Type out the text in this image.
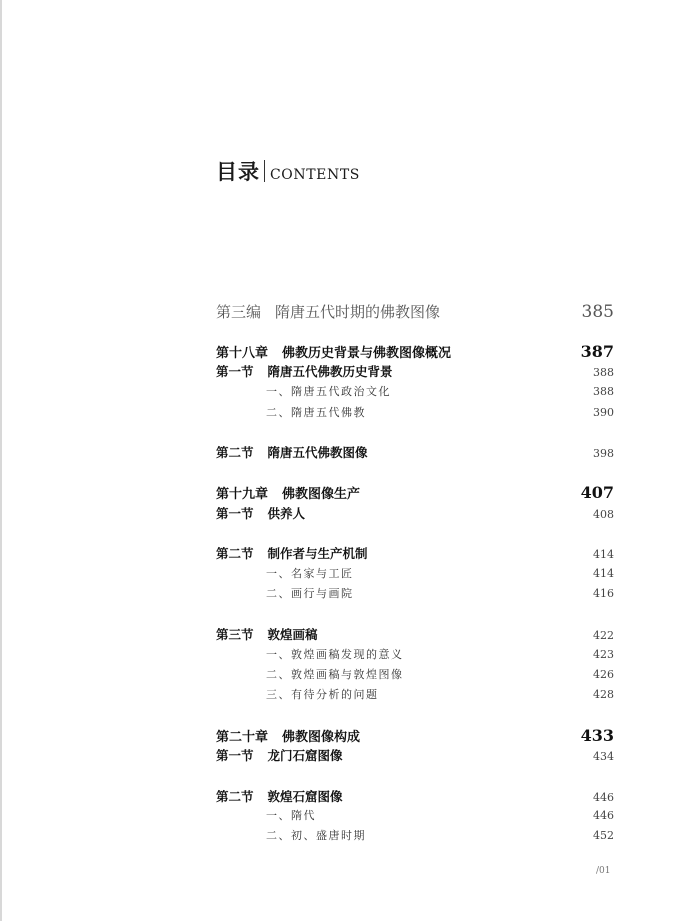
目录 CONTENTS
第三编 隋唐五代时期的佛教图像	385
第十八章 佛教历史背景与佛教图像概况	387
第一节 隋唐五代佛教历史背景	388
一、隋唐五代政治文化	388
二、隋唐五代佛教	390
第二节 隋唐五代佛教图像	398
第十九章 佛教图像生产	407
第一节 供养人	408
第二节 制作者与生产机制	414
一、名家与工匠	414
二、画行与画院	416
第三节 敦煌画稿	422
一、敦煌画稿发现的意义	423
二、敦煌画稿与敦煌图像	426
三、有待分析的问题	428
第二十章 佛教图像构成	433
第一节 龙门石窟图像	434
第二节 敦煌石窟图像	446
一、隋代	446
二、初、盛唐时期	452
/01
